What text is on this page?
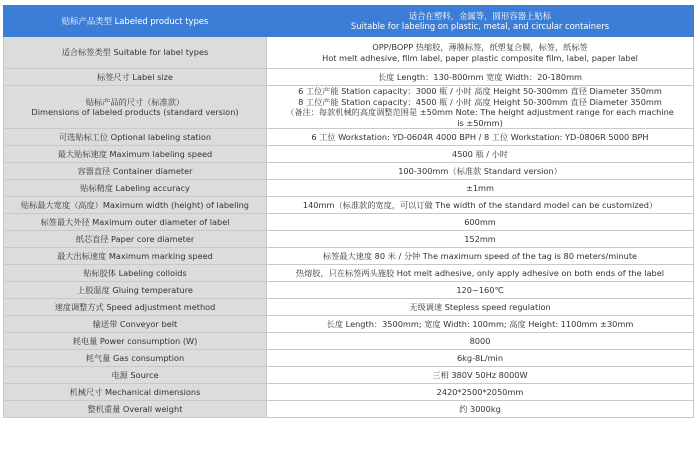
贴标产品类型 Labeled product types	适合在塑料，金属等，圆形容器上贴标
Suitable for labeling on plastic, metal, and circular containers

适合标签类型 Suitable for label types	OPP/BOPP 热缩胶，薄膜标签，纸塑复合膜，标签，纸标签
Hot melt adhesive, film label, paper plastic composite film, label, paper label

标签尺寸 Label size	长度 Length：130-800mm 宽度 Width：20-180mm

贴标产品的尺寸（标准款）
Dimensions of labeled products (standard version)	6 工位产能 Station capacity：3000 瓶 / 小时 高度 Height 50-300mm 直径 Diameter 350mm
8 工位产能 Station capacity：4500 瓶 / 小时 高度 Height 50-300mm 直径 Diameter 350mm
（备注：每款机械的高度调整范围是 ±50mm Note: The height adjustment range for each machine
is ±50mm)

可选贴标工位 Optional labeling station	6 工位 Workstation: YD-0604R 4000 BPH / 8 工位 Workstation: YD-0806R 5000 BPH
最大贴标速度 Maximum labeling speed	4500 瓶 / 小时
容器直径 Container diameter	100-300mm（标准款 Standard version）
贴标精度 Labeling accuracy	±1mm
贴标最大宽度（高度）Maximum width (height) of labeling	140mm（标准款的宽度，可以订做 The width of the standard model can be customized）
标签最大外径 Maximum outer diameter of label	600mm
纸芯直径 Paper core diameter	152mm
最大出标速度 Maximum marking speed	标签最大速度 80 米 / 分钟 The maximum speed of the tag is 80 meters/minute
贴标胶体 Labeling colloids	热熔胶，只在标签两头施胶 Hot melt adhesive, only apply adhesive on both ends of the label
上胶温度 Gluing temperature	120~160℃
速度调整方式 Speed adjustment method	无级调速 Stepless speed regulation
输送带 Conveyor belt	长度 Length：3500mm; 宽度 Width: 100mm; 高度 Height: 1100mm ±30mm
耗电量 Power consumption (W)	8000
耗气量 Gas consumption	6kg-8L/min
电源 Source	三相 380V 50Hz 8000W
机械尺寸 Mechanical dimensions	2420*2500*2050mm
整机重量 Overall weight	约 3000kg
